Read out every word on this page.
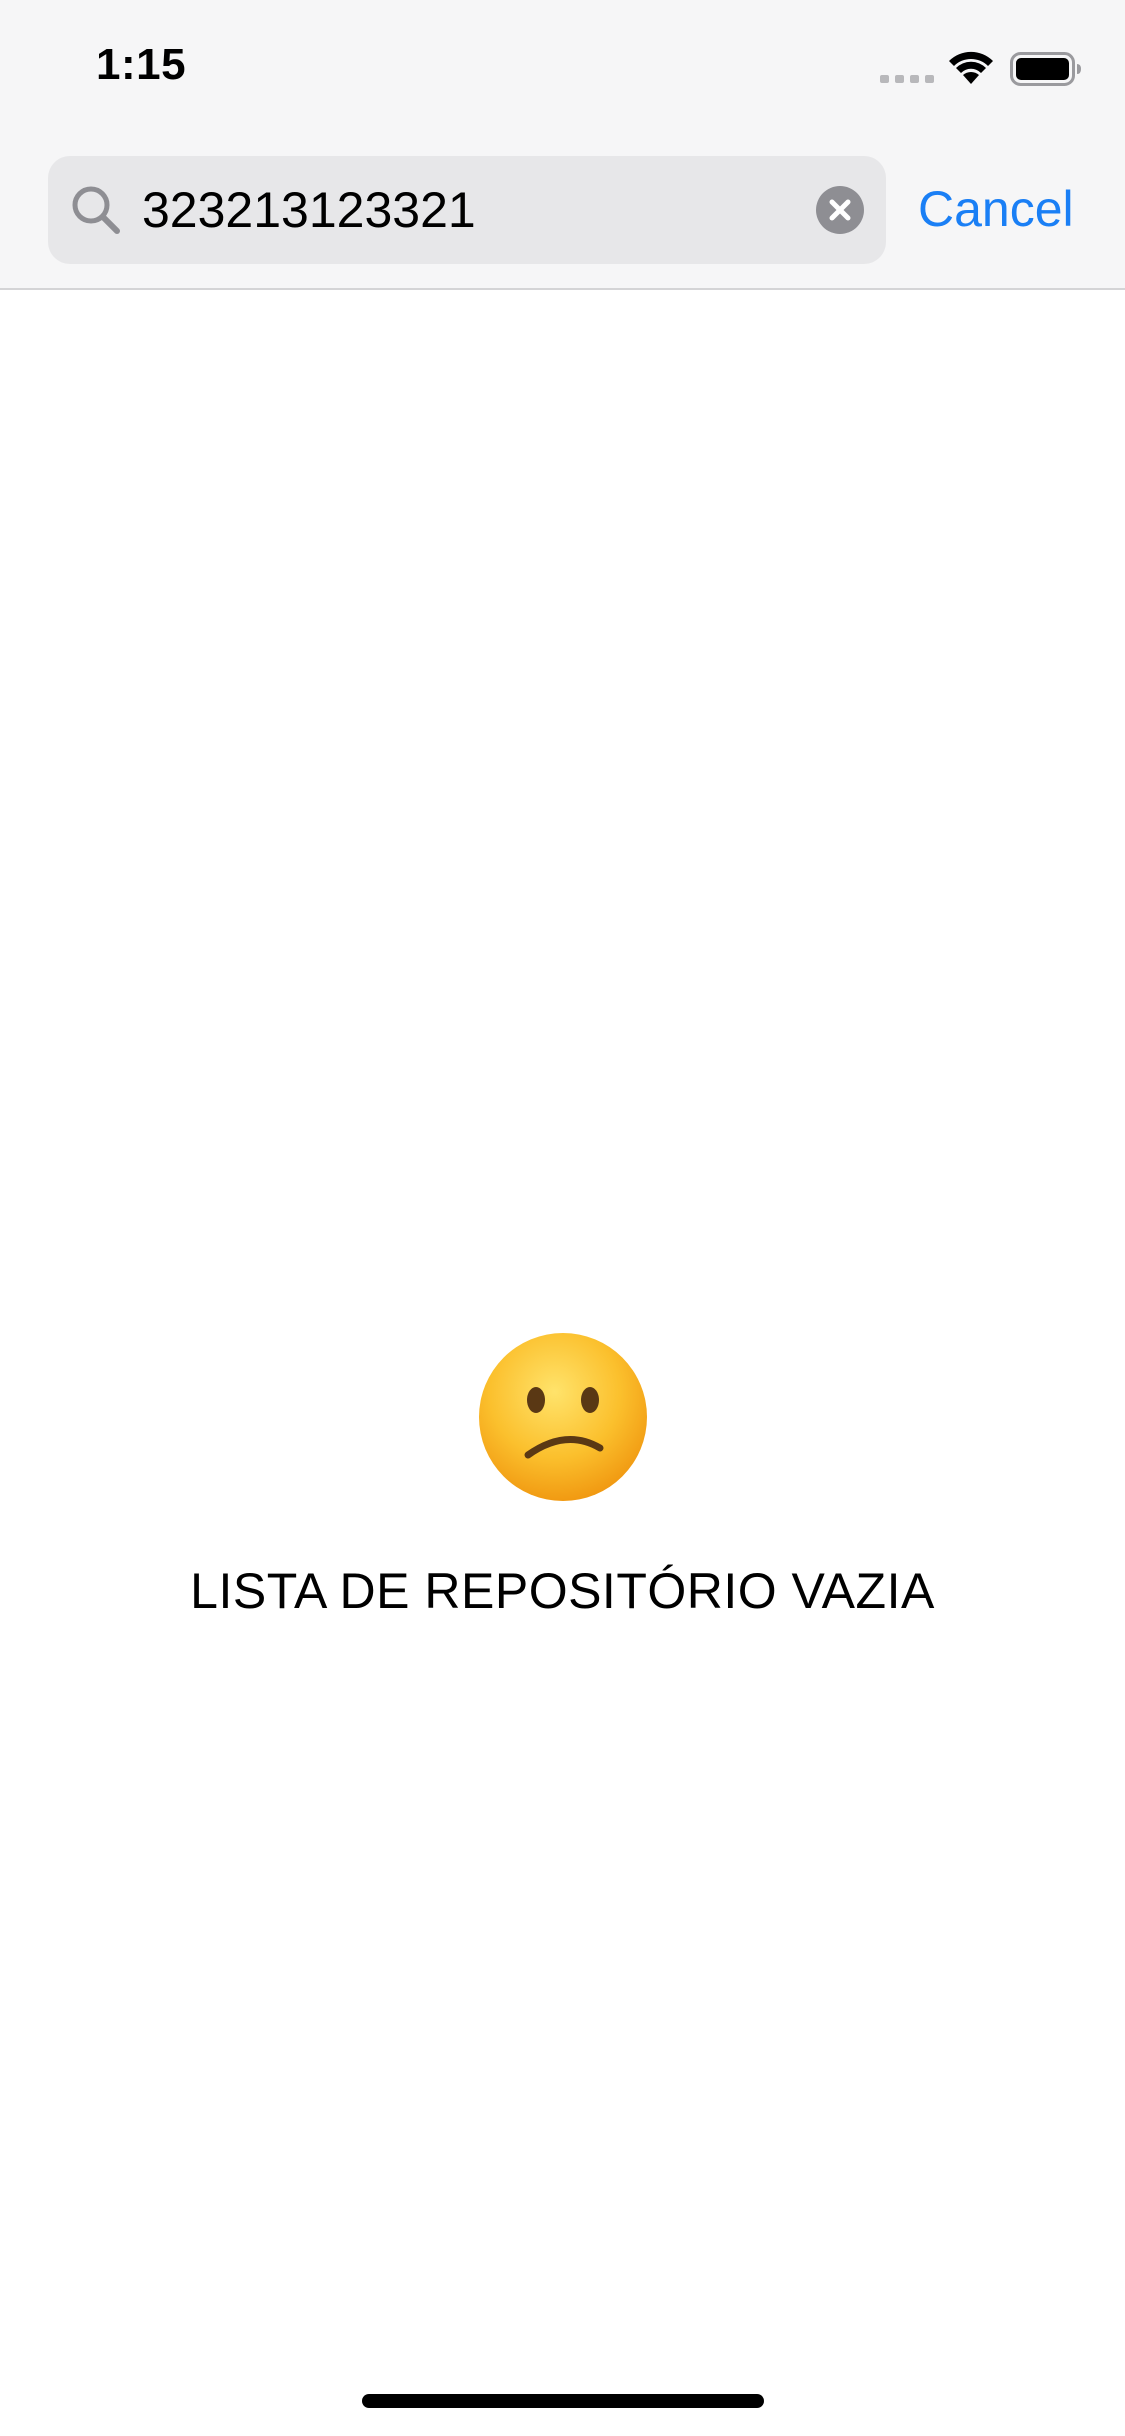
1:15
323213123321
Cancel
LISTA DE REPOSITÓRIO VAZIA
